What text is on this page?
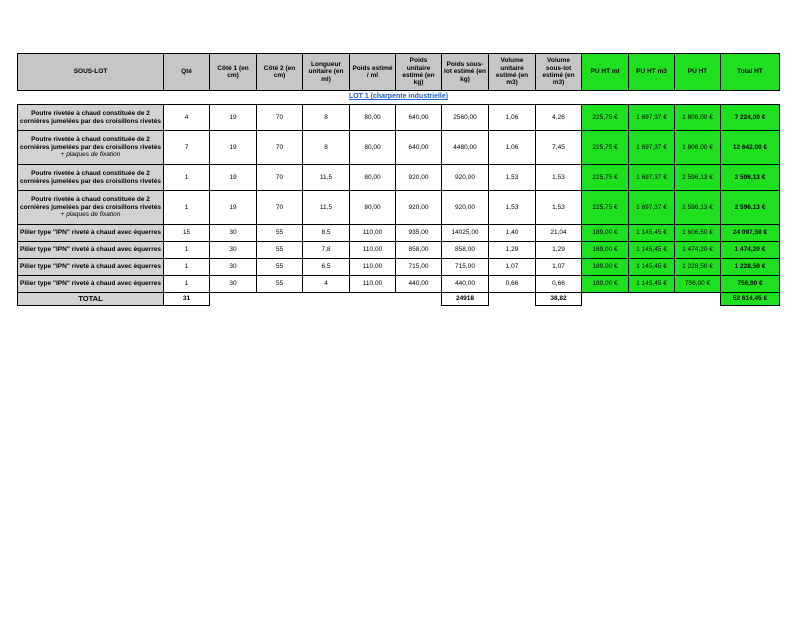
SOUS-LOT	Qté	Côté 1 (en cm)	Côté 2 (en cm)	Longueur unitaire (en ml)	Poids estimé / ml	Poids unitaire estimé (en kg)	Poids sous-lot estimé (en kg)	Volume unitaire estimé (en m3)	Volume sous-lot estimé (en m3)	PU HT ml	PU HT m3	PU HT	Total HT
LOT 1 (charpente industrielle)													
Poutre rivetée à chaud constituée de 2 cornières jumelées par des croisillons rivetés	4	19	70	8	80,00	640,00	2560,00	1,06	4,26	225,75 €	1 697,37 €	1 806,00 €	7 224,00 €
Poutre rivetée à chaud constituée de 2 cornières jumelées par des croisillons rivetés
+ plaques de fixation	7	19	70	8	80,00	640,00	4480,00	1,06	7,45	225,75 €	1 697,37 €	1 806,00 €	12 642,00 €
Poutre rivetée à chaud constituée de 2 cornières jumelées par des croisillons rivetés	1	19	70	11,5	80,00	920,00	920,00	1,53	1,53	225,75 €	1 697,37 €	2 596,13 €	2 596,13 €
Poutre rivetée à chaud constituée de 2 cornières jumelées par des croisillons rivetés
+ plaques de fixation	1	19	70	11,5	80,00	920,00	920,00	1,53	1,53	225,75 €	1 697,37 €	2 596,13 €	2 596,13 €
Pilier type "IPN" riveté à chaud avec équerres	15	30	55	8,5	110,00	935,00	14025,00	1,40	21,04	189,00 €	1 145,45 €	1 606,50 €	24 097,50 €
Pilier type "IPN" riveté à chaud avec équerres	1	30	55	7,8	110,00	858,00	858,00	1,29	1,29	189,00 €	1 145,45 €	1 474,20 €	1 474,20 €
Pilier type "IPN" riveté à chaud avec équerres	1	30	55	6,5	110,00	715,00	715,00	1,07	1,07	189,00 €	1 145,45 €	1 228,50 €	1 228,50 €
Pilier type "IPN" riveté à chaud avec équerres	1	30	55	4	110,00	440,00	440,00	0,66	0,66	189,00 €	1 145,45 €	756,00 €	756,00 €
TOTAL	31						24918		38,82				52 614,45 €
